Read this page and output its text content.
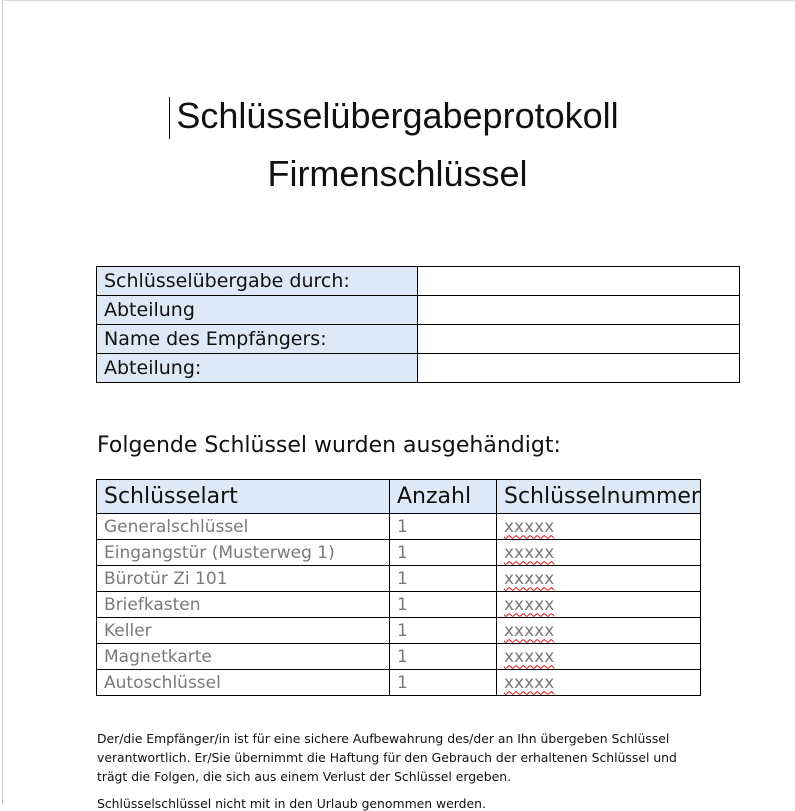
Schlüsselübergabeprotokoll
Firmenschlüssel
Schlüsselübergabe durch:	
Abteilung	
Name des Empfängers:	
Abteilung:	
Folgende Schlüssel wurden ausgehändigt:
Schlüsselart	Anzahl	Schlüsselnummer
Generalschlüssel	1	xxxxx
Eingangstür (Musterweg 1)	1	xxxxx
Bürotür Zi 101	1	xxxxx
Briefkasten	1	xxxxx
Keller	1	xxxxx
Magnetkarte	1	xxxxx
Autoschlüssel	1	xxxxx
Der/die Empfänger/in ist für eine sichere Aufbewahrung des/der an Ihn übergeben Schlüssel verantwortlich. Er/Sie übernimmt die Haftung für den Gebrauch der erhaltenen Schlüssel und trägt die Folgen, die sich aus einem Verlust der Schlüssel ergeben.
Schlüsselschlüssel nicht mit in den Urlaub genommen werden.
